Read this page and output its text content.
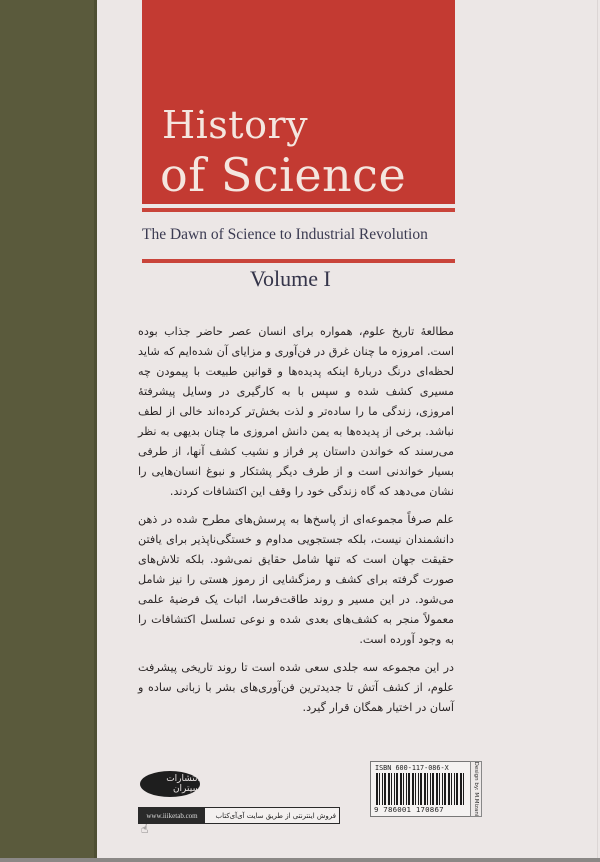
History
of Science
The Dawn of Science to Industrial Revolution
Volume I

مطالعهٔ تاریخ علوم، همواره برای انسان عصر حاضر جذاب بوده است. امروزه ما چنان غرق در فن‌آوری و مزایای آن شده‌ایم که شاید لحظه‌ای درنگ دربارهٔ اینکه پدیده‌ها و قوانین طبیعت با پیمودن چه مسیری کشف شده و سپس با به کارگیری در وسایل پیشرفتهٔ امروزی، زندگی ما را ساده‌تر و لذت بخش‌تر کرده‌اند خالی از لطف نباشد. برخی از پدیده‌ها به یمن دانش امروزی ما چنان بدیهی به نظر می‌رسند که خواندن داستان پر فراز و نشیب کشف آنها، از طرفی بسیار خواندنی است و از طرف دیگر پشتکار و نبوغ انسان‌هایی را نشان می‌دهد که گاه زندگی خود را وقف این اکتشافات کردند.

علم صرفاً مجموعه‌ای از پاسخ‌ها به پرسش‌های مطرح شده در ذهن دانشمندان نیست، بلکه جستجویی مداوم و خستگی‌ناپذیر برای یافتن حقیقت جهان است که تنها شامل حقایق نمی‌شود. بلکه تلاش‌های صورت گرفته برای کشف و رمزگشایی از رموز هستی را نیز شامل می‌شود. در این مسیر و روند طاقت‌فرسا، اثبات یک فرضیهٔ علمی معمولاً منجر به کشف‌های بعدی شده و نوعی تسلسل اکتشافات را به وجود آورده است.

در این مجموعه سه جلدی سعی شده است تا روند تاریخی پیشرفت علوم، از کشف آتش تا جدیدترین فن‌آوری‌های بشر با زبانی ساده و آسان در اختیار همگان قرار گیرد.

انتشارات سیتران
www.iiiketab.com	فروش اینترنتی از طریق سایت آی‌آی‌کتاب
☝
ISBN 600-117-086-X
9 786001 170867	Design by: M.Mizani
